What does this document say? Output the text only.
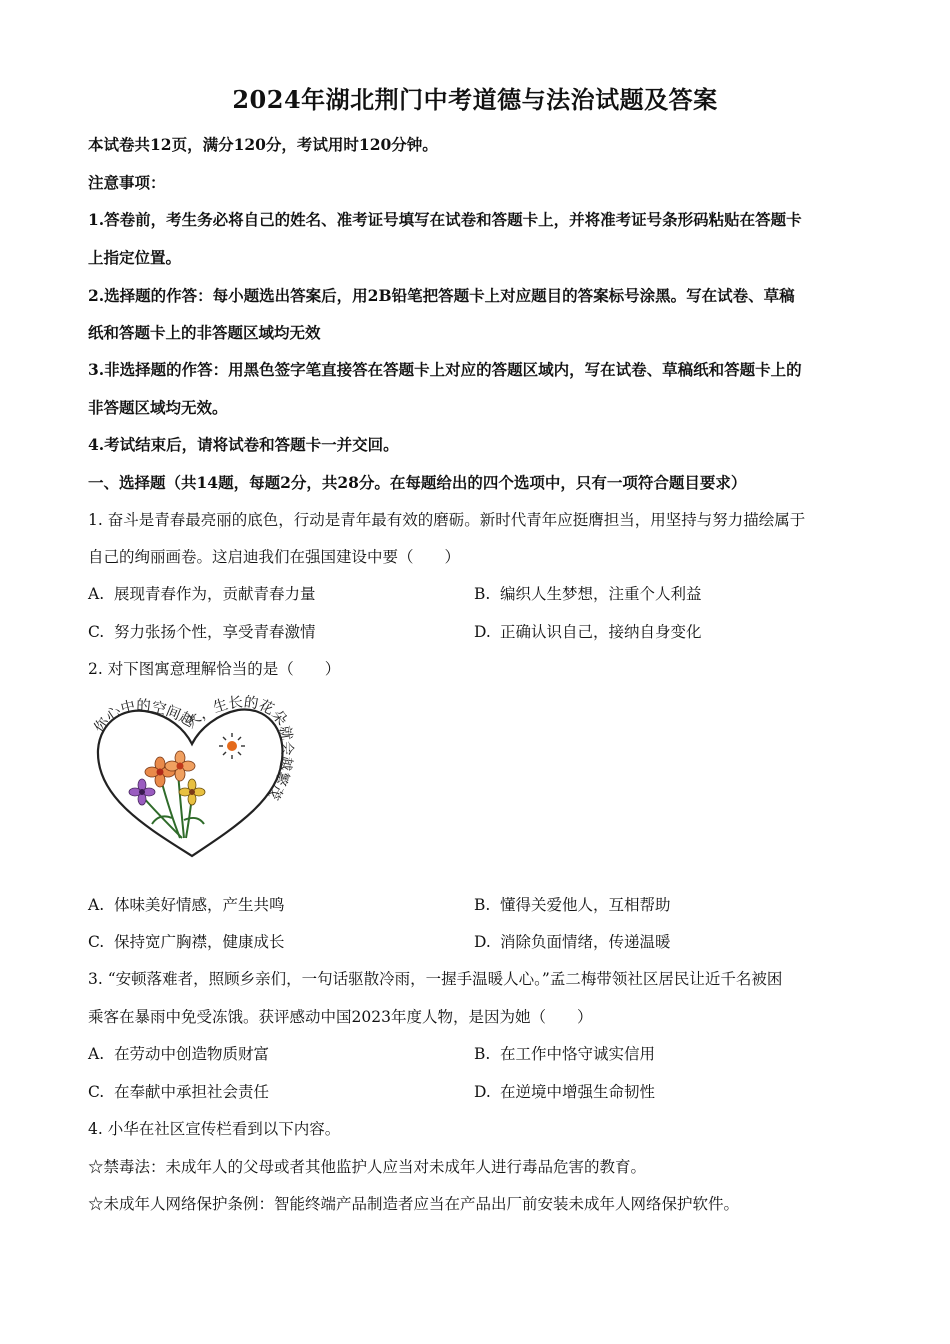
2024年湖北荆门中考道德与法治试题及答案
本试卷共12页，满分120分，考试用时120分钟。
注意事项：
1.答卷前，考生务必将自己的姓名、准考证号填写在试卷和答题卡上，并将准考证号条形码粘贴在答题卡
上指定位置。
2.选择题的作答：每小题选出答案后，用2B铅笔把答题卡上对应题目的答案标号涂黑。写在试卷、草稿
纸和答题卡上的非答题区域均无效
3.非选择题的作答：用黑色签字笔直接答在答题卡上对应的答题区域内，写在试卷、草稿纸和答题卡上的
非答题区域均无效。
4.考试结束后，请将试卷和答题卡一并交回。
一、选择题（共14题，每题2分，共28分。在每题给出的四个选项中，只有一项符合题目要求）
1. 奋斗是青春最亮丽的底色，行动是青年最有效的磨砺。新时代青年应挺膺担当，用坚持与努力描绘属于
自己的绚丽画卷。这启迪我们在强国建设中要（　　）
A. 展现青春作为，贡献青春力量	B. 编织人生梦想，注重个人利益
C. 努力张扬个性，享受青春激情	D. 正确认识自己，接纳自身变化
2. 对下图寓意理解恰当的是（　　）
你心中的空间越大，生长的花朵就会越繁茂
A. 体味美好情感，产生共鸣	B. 懂得关爱他人，互相帮助
C. 保持宽广胸襟，健康成长	D. 消除负面情绪，传递温暖
3. “安顿落难者，照顾乡亲们，一句话驱散冷雨，一握手温暖人心。”孟二梅带领社区居民让近千名被困
乘客在暴雨中免受冻饿。获评感动中国2023年度人物，是因为她（　　）
A. 在劳动中创造物质财富	B. 在工作中恪守诚实信用
C. 在奉献中承担社会责任	D. 在逆境中增强生命韧性
4. 小华在社区宣传栏看到以下内容。
☆禁毒法：未成年人的父母或者其他监护人应当对未成年人进行毒品危害的教育。
☆未成年人网络保护条例：智能终端产品制造者应当在产品出厂前安装未成年人网络保护软件。
